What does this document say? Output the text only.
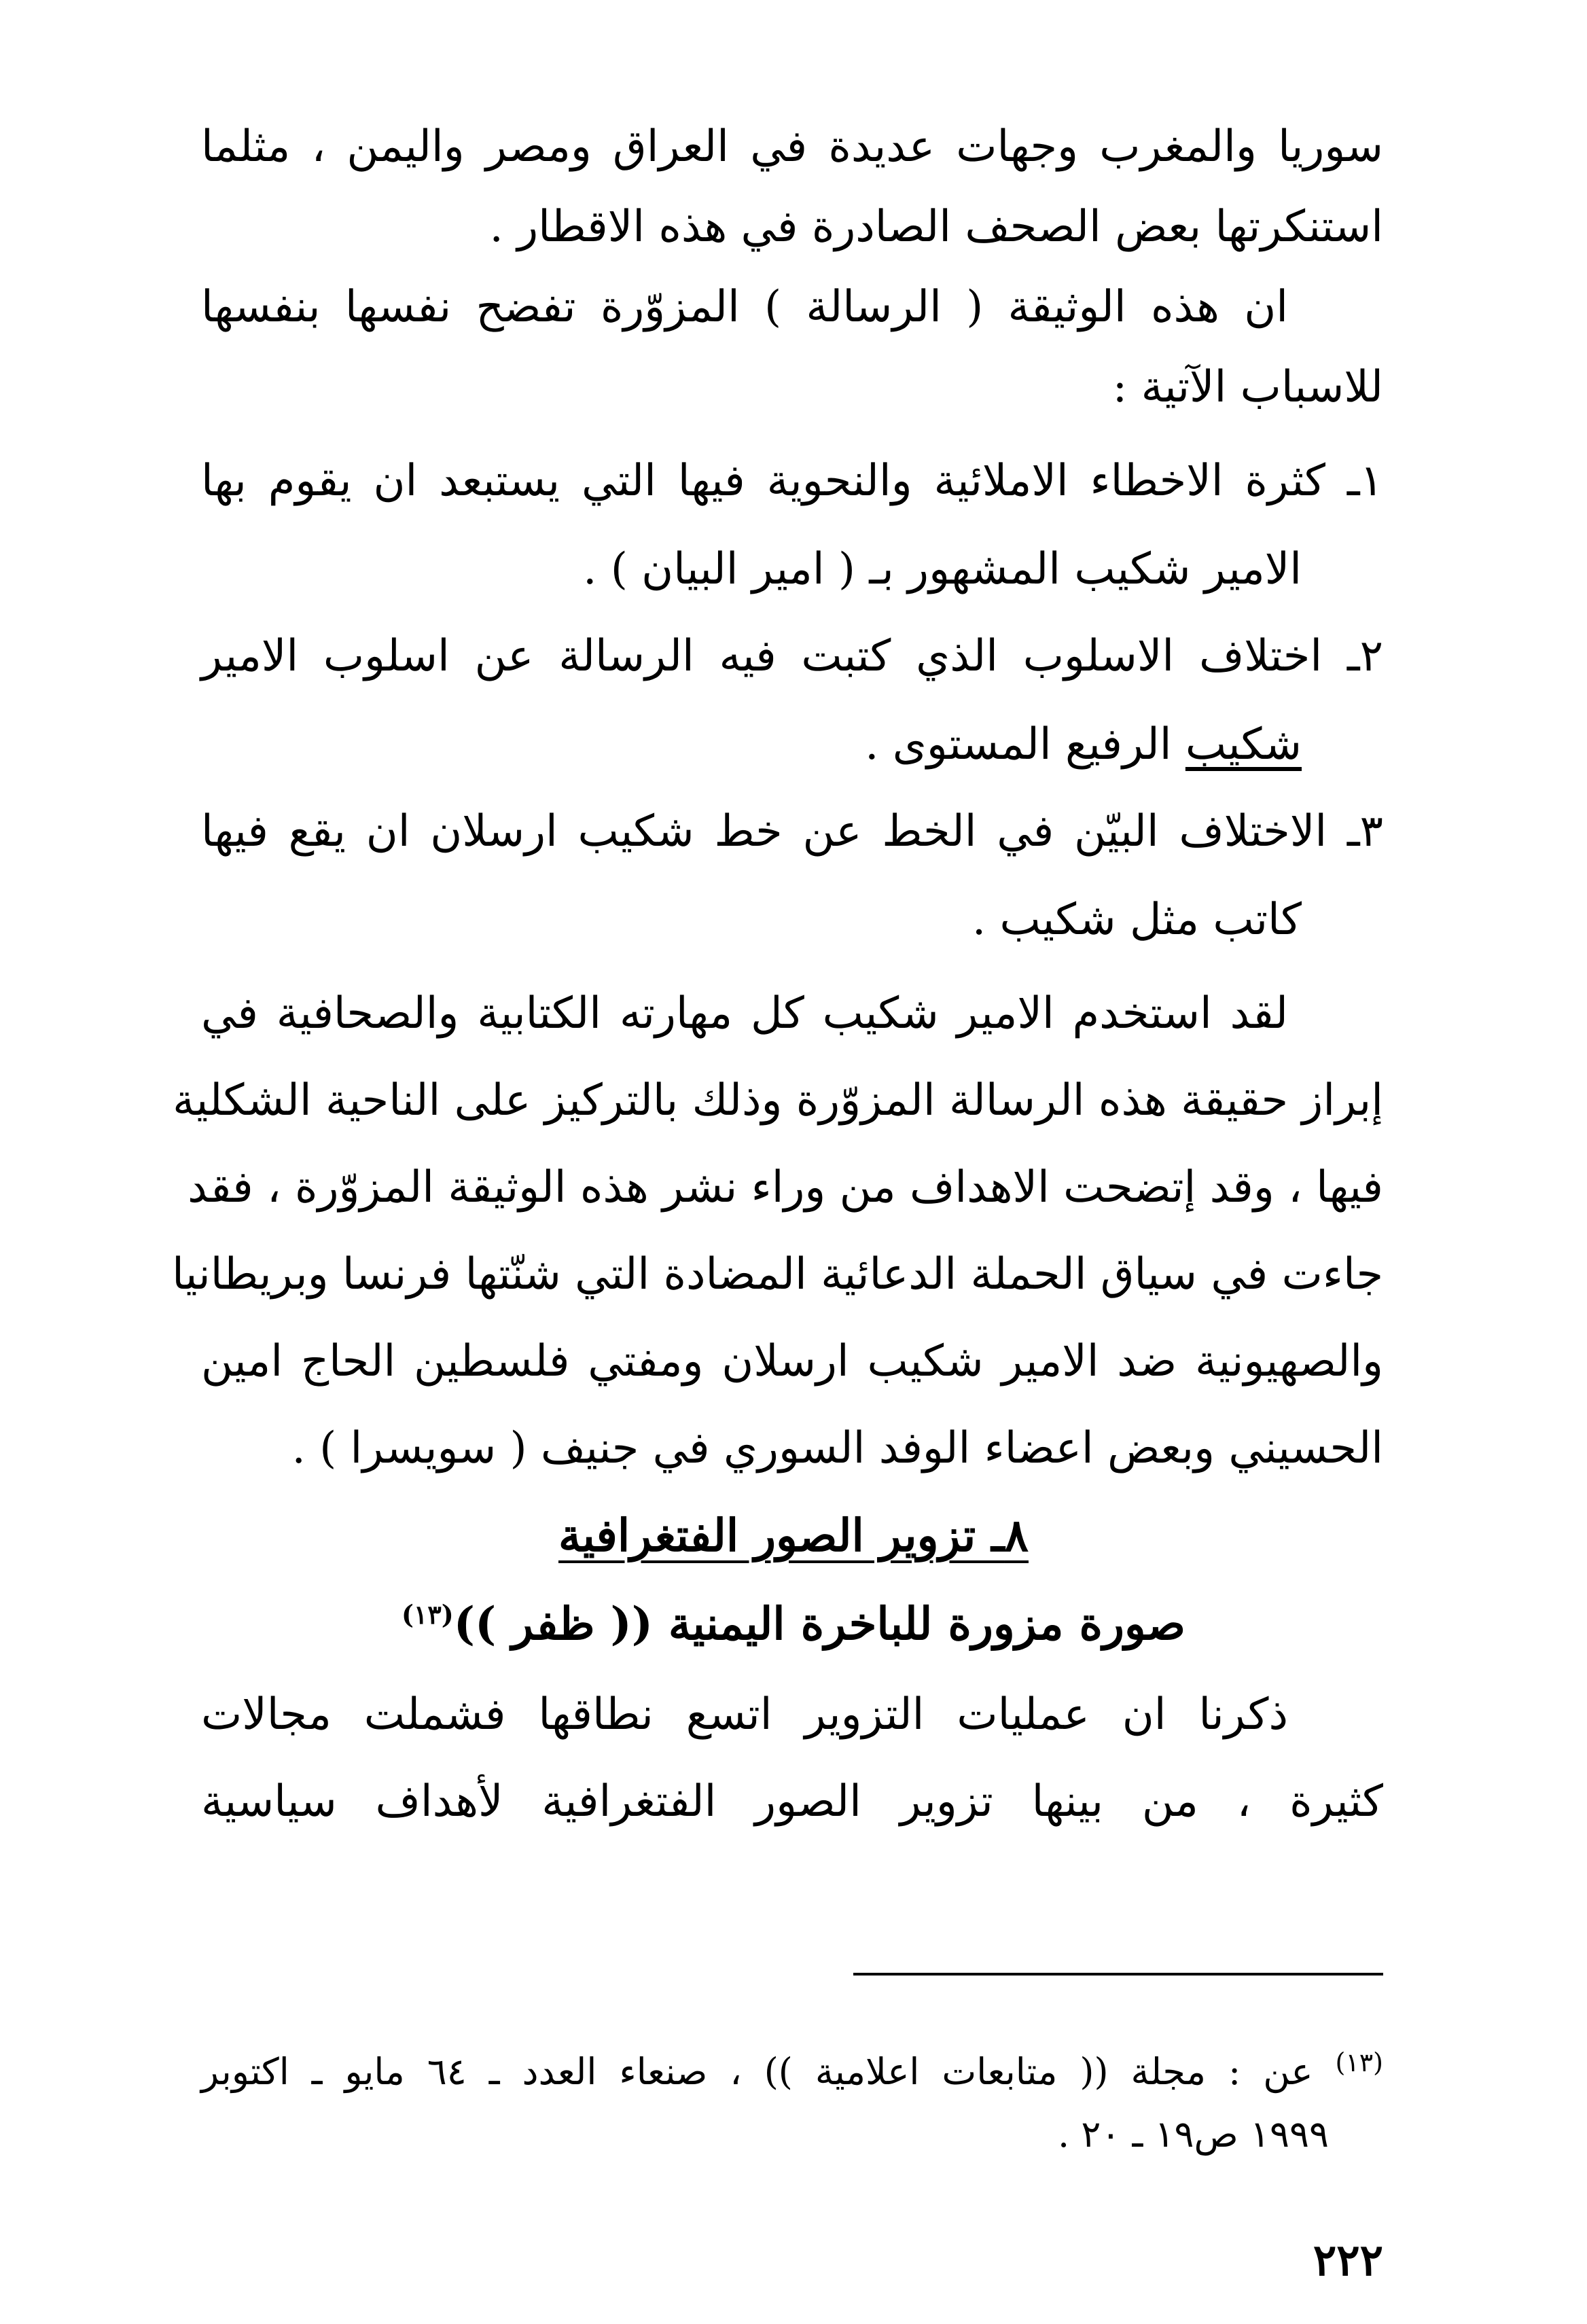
سوريا والمغرب وجهات عديدة في العراق ومصر واليمن ، مثلما
استنكرتها بعض الصحف الصادرة في هذه الاقطار .
ان هذه الوثيقة ( الرسالة ) المزوّرة تفضح نفسها بنفسها
للاسباب الآتية :
١ـ كثرة الاخطاء الاملائية والنحوية فيها التي يستبعد ان يقوم بها
الامير شكيب المشهور بـ ( امير البيان ) .
٢ـ اختلاف الاسلوب الذي كتبت فيه الرسالة عن اسلوب الامير
شكيب الرفيع المستوى .
٣ـ الاختلاف البيّن في الخط عن خط شكيب ارسلان ان يقع فيها
كاتب مثل شكيب .
لقد استخدم الامير شكيب كل مهارته الكتابية والصحافية في
إبراز حقيقة هذه الرسالة المزوّرة وذلك بالتركيز على الناحية الشكلية
فيها ، وقد إتضحت الاهداف من وراء نشر هذه الوثيقة المزوّرة ، فقد
جاءت في سياق الحملة الدعائية المضادة التي شنّتها فرنسا وبريطانيا
والصهيونية ضد الامير شكيب ارسلان ومفتي فلسطين الحاج امين
الحسيني وبعض اعضاء الوفد السوري في جنيف ( سويسرا ) .
٨ـ تزوير الصور الفتغرافية
صورة مزورة للباخرة اليمنية (( ظفر ))$^{(١٣)}$
ذكرنا ان عمليات التزوير اتسع نطاقها فشملت مجالات
كثيرة ، من بينها تزوير الصور الفتغرافية لأهداف سياسية
$^{(١٣)}$ عن : مجلة (( متابعات اعلامية )) ، صنعاء العدد ـ ٦٤ مايو ـ اكتوبر
١٩٩٩ ص١٩ ـ ٢٠ .
٢٢٢
